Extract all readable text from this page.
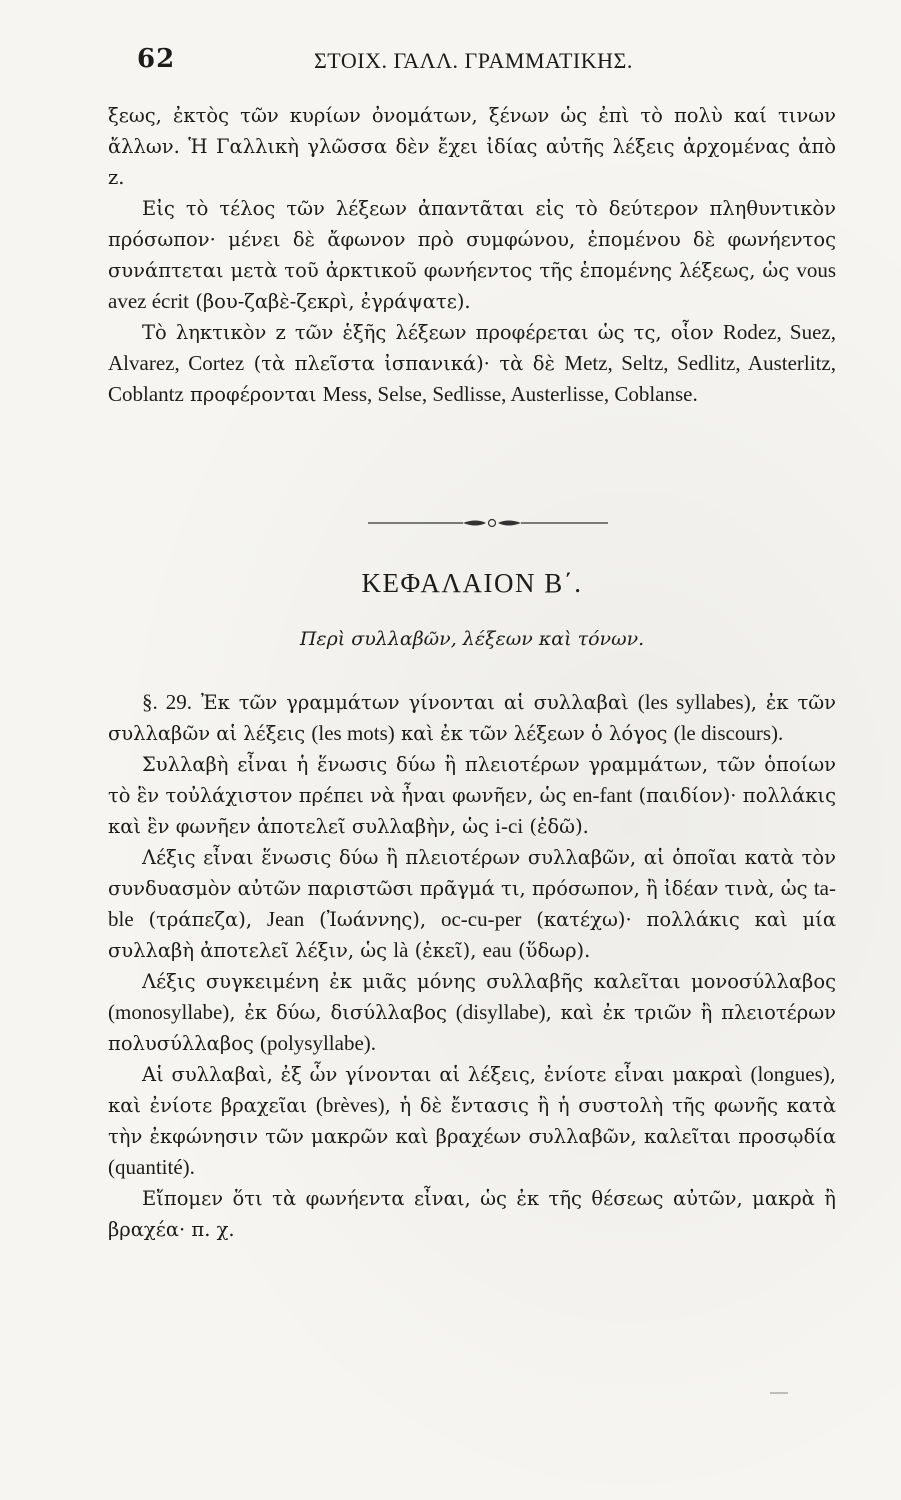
62	ΣΤΟΙΧ. ΓΑΛΛ. ΓΡΑΜΜΑΤΙΚΗΣ.

ξεως, ἐκτὸς τῶν κυρίων ὀνομάτων, ξένων ὡς ἐπὶ τὸ πολὺ καί τινων ἄλλων. Ἡ Γαλλικὴ γλῶσσα δὲν ἔχει ἰδίας αὐτῆς λέξεις ἀρχομένας ἀπὸ z.

Εἰς τὸ τέλος τῶν λέξεων ἀπαντᾶται εἰς τὸ δεύτερον πληθυντικὸν πρόσωπον· μένει δὲ ἄφωνον πρὸ συμφώνου, ἑπομένου δὲ φωνήεντος συνάπτεται μετὰ τοῦ ἀρκτικοῦ φωνήεντος τῆς ἑπομένης λέξεως, ὡς vous avez écrit (βου-ζαβὲ-ζεκρὶ, ἐγράψατε).

Τὸ ληκτικὸν z τῶν ἑξῆς λέξεων προφέρεται ὡς τς, οἷον Rodez, Suez, Alvarez, Cortez (τὰ πλεῖστα ἰσπανικά)· τὰ δὲ Metz, Seltz, Sedlitz, Austerlitz, Coblantz προφέρονται Mess, Selse, Sedlisse, Austerlisse, Coblanse.

ΚΕΦΑΛΑΙΟΝ Β΄.
Περὶ συλλαβῶν, λέξεων καὶ τόνων.

§. 29. Ἐκ τῶν γραμμάτων γίνονται αἱ συλλαβαὶ (les syllabes), ἐκ τῶν συλλαβῶν αἱ λέξεις (les mots) καὶ ἐκ τῶν λέξεων ὁ λόγος (le discours).

Συλλαβὴ εἶναι ἡ ἕνωσις δύω ἢ πλειοτέρων γραμμάτων, τῶν ὁποίων τὸ ἓν τοὐλάχιστον πρέπει νὰ ἦναι φωνῆεν, ὡς en-fant (παιδίον)· πολλάκις καὶ ἓν φωνῆεν ἀποτελεῖ συλλαβὴν, ὡς i-ci (ἐδῶ).

Λέξις εἶναι ἕνωσις δύω ἢ πλειοτέρων συλλαβῶν, αἱ ὁποῖαι κατὰ τὸν συνδυασμὸν αὐτῶν παριστῶσι πρᾶγμά τι, πρόσωπον, ἢ ἰδέαν τινὰ, ὡς ta-ble (τράπεζα), Jean (Ἰωάννης), oc-cu-per (κατέχω)· πολλάκις καὶ μία συλλαβὴ ἀποτελεῖ λέξιν, ὡς là (ἐκεῖ), eau (ὕδωρ).

Λέξις συγκειμένη ἐκ μιᾶς μόνης συλλαβῆς καλεῖται μονοσύλλαβος (monosyllabe), ἐκ δύω, δισύλλαβος (disyllabe), καὶ ἐκ τριῶν ἢ πλειοτέρων πολυσύλλαβος (polysyllabe).

Αἱ συλλαβαὶ, ἐξ ὧν γίνονται αἱ λέξεις, ἐνίοτε εἶναι μακραὶ (longues), καὶ ἐνίοτε βραχεῖαι (brèves), ἡ δὲ ἔντασις ἢ ἡ συστολὴ τῆς φωνῆς κατὰ τὴν ἐκφώνησιν τῶν μακρῶν καὶ βραχέων συλλαβῶν, καλεῖται προσῳδία (quantité).

Εἴπομεν ὅτι τὰ φωνήεντα εἶναι, ὡς ἐκ τῆς θέσεως αὐτῶν, μακρὰ ἢ βραχέα· π. χ.
